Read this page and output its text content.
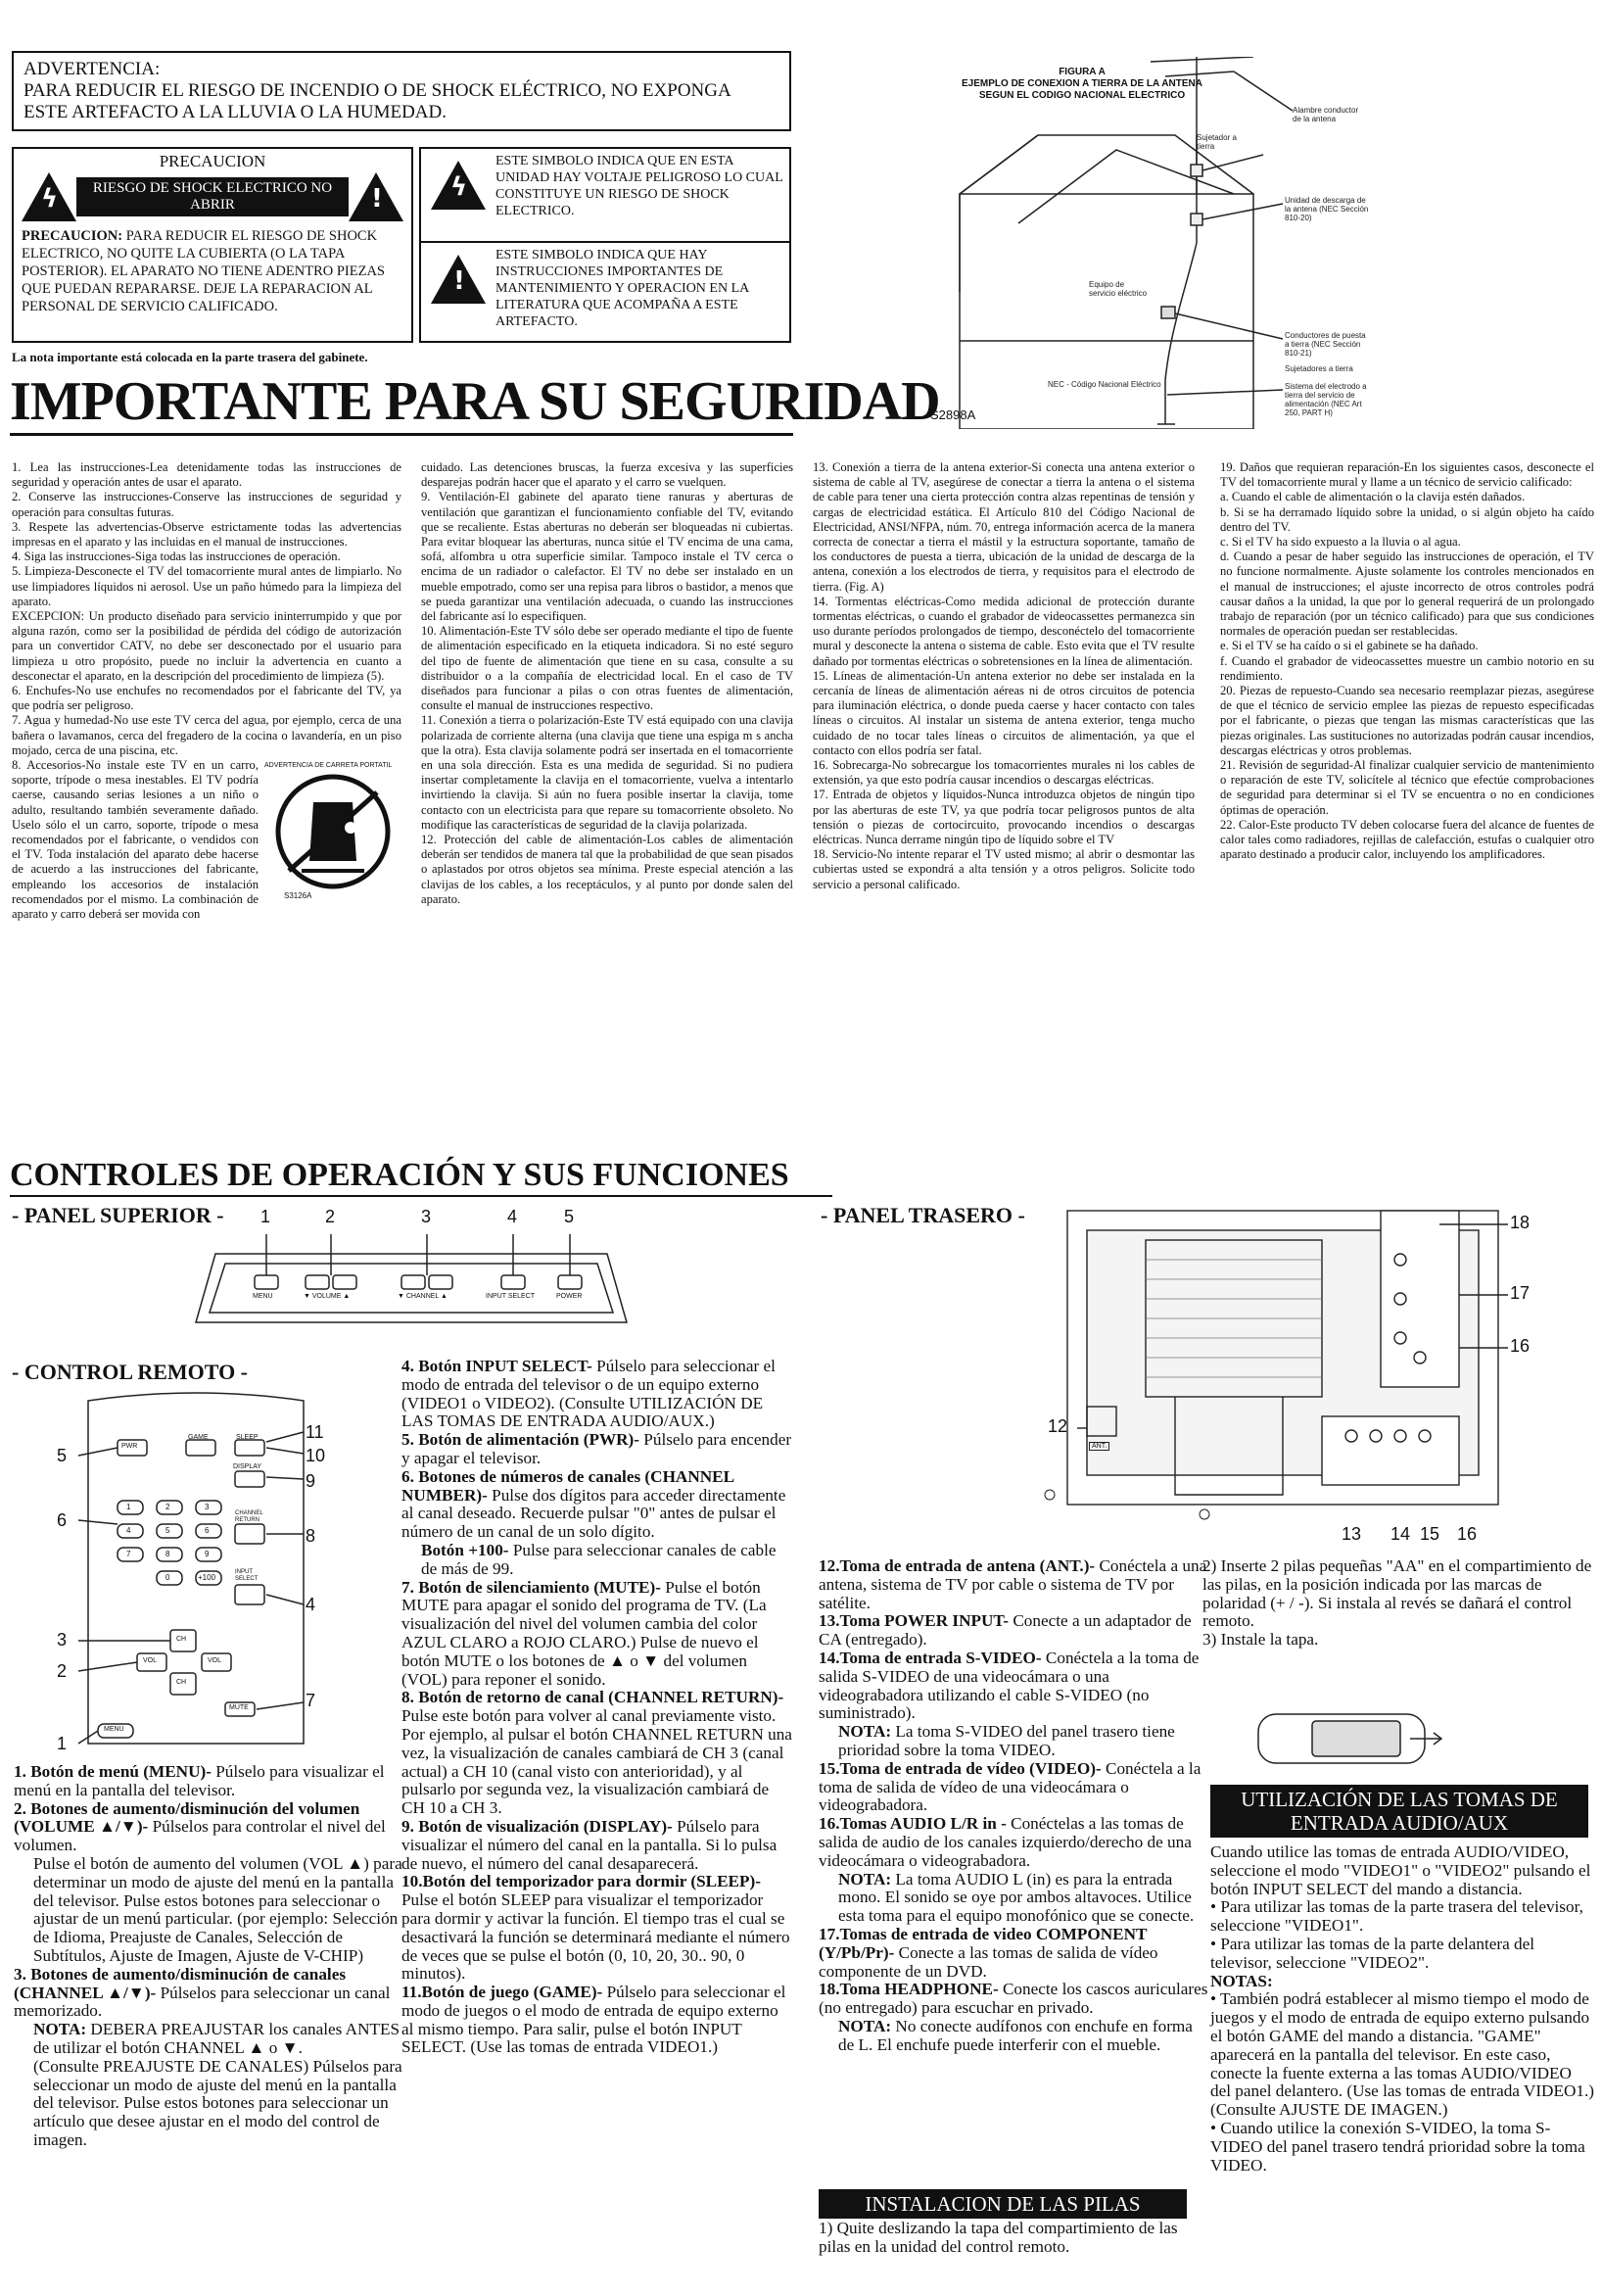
ADVERTENCIA:
PARA REDUCIR EL RIESGO DE INCENDIO O DE SHOCK ELÉCTRICO, NO EXPONGA
ESTE ARTEFACTO A LA LLUVIA O LA HUMEDAD.
PRECAUCION
ϟ	RIESGO DE SHOCK ELECTRICO NO ABRIR	!

PRECAUCION: PARA REDUCIR EL RIESGO DE SHOCK ELECTRICO, NO QUITE LA CUBIERTA (O LA TAPA POSTERIOR). EL APARATO NO TIENE ADENTRO PIEZAS QUE PUEDAN REPARARSE. DEJE LA REPARACION AL PERSONAL DE SERVICIO CALIFICADO.

ϟ

ESTE SIMBOLO INDICA QUE EN ESTA UNIDAD HAY VOLTAJE PELIGROSO LO CUAL CONSTITUYE UN RIESGO DE SHOCK ELECTRICO.

!

ESTE SIMBOLO INDICA QUE HAY INSTRUCCIONES IMPORTANTES DE MANTENIMIENTO Y OPERACION EN LA LITERATURA QUE ACOMPAÑA A ESTE ARTEFACTO.

La nota importante está colocada en la parte trasera del gabinete.
IMPORTANTE PARA SU SEGURIDAD
FIGURA A
EJEMPLO DE CONEXION A TIERRA DE LA ANTENA
SEGUN EL CODIGO NACIONAL ELECTRICO
Alambre conductor de la antena
Sujetador a tierra
Unidad de descarga de la antena (NEC Sección 810-20)
Equipo de servicio eléctrico
Conductores de puesta a tierra (NEC Sección 810-21)
Sujetadores a tierra
NEC - Código Nacional Eléctrico	Sistema del electrodo a tierra del servicio de alimentación (NEC Art 250, PART H)
S2898A

1. Lea las instrucciones-Lea detenidamente todas las instrucciones de seguridad y operación antes de usar el aparato.

2. Conserve las instrucciones-Conserve las instrucciones de seguridad y operación para consultas futuras.

3. Respete las advertencias-Observe estrictamente todas las advertencias impresas en el aparato y las incluidas en el manual de instrucciones.

4. Siga las instrucciones-Siga todas las instrucciones de operación.

5. Limpieza-Desconecte el TV del tomacorriente mural antes de limpiarlo. No use limpiadores líquidos ni aerosol. Use un paño húmedo para la limpieza del aparato.

EXCEPCION: Un producto diseñado para servicio ininterrumpido y que por alguna razón, como ser la posibilidad de pérdida del código de autorización para un convertidor CATV, no debe ser desconectado por el usuario para limpieza u otro propósito, puede no incluir la advertencia en cuanto a desconectar el aparato, en la descripción del procedimiento de limpieza (5).

6. Enchufes-No use enchufes no recomendados por el fabricante del TV, ya que podría ser peligroso.

7. Agua y humedad-No use este TV cerca del agua, por ejemplo, cerca de una bañera o lavamanos, cerca del fregadero de la cocina o lavandería, en un piso mojado, cerca de una piscina, etc.

ADVERTENCIA DE CARRETA PORTATIL
S3126A

8. Accesorios-No instale este TV en un carro, soporte, trípode o mesa inestables. El TV podría caerse, causando serias lesiones a un niño o adulto, resultando también severamente dañado. Uselo sólo el un carro, soporte, trípode o mesa recomendados por el fabricante, o vendidos con el TV. Toda instalación del aparato debe hacerse de acuerdo a las instrucciones del fabricante, empleando los accesorios de instalación recomendados por el mismo. La combinación de aparato y carro deberá ser movida con

cuidado. Las detenciones bruscas, la fuerza excesiva y las superficies desparejas podrán hacer que el aparato y el carro se vuelquen.

9. Ventilación-El gabinete del aparato tiene ranuras y aberturas de ventilación que garantizan el funcionamiento confiable del TV, evitando que se recaliente. Estas aberturas no deberán ser bloqueadas ni cubiertas. Para evitar bloquear las aberturas, nunca sitúe el TV encima de una cama, sofá, alfombra u otra superficie similar. Tampoco instale el TV cerca o encima de un radiador o calefactor. El TV no debe ser instalado en un mueble empotrado, como ser una repisa para libros o bastidor, a menos que se pueda garantizar una ventilación adecuada, o cuando las instrucciones del fabricante así lo especifiquen.

10. Alimentación-Este TV sólo debe ser operado mediante el tipo de fuente de alimentación especificado en la etiqueta indicadora. Si no esté seguro del tipo de fuente de alimentación que tiene en su casa, consulte a su distribuidor o a la compañía de electricidad local. En el caso de TV diseñados para funcionar a pilas o con otras fuentes de alimentación, consulte el manual de instrucciones respectivo.

11. Conexión a tierra o polarización-Este TV está equipado con una clavija polarizada de corriente alterna (una clavija que tiene una espiga m s ancha que la otra). Esta clavija solamente podrá ser insertada en el tomacorriente en una sola dirección. Esta es una medida de seguridad. Si no pudiera insertar completamente la clavija en el tomacorriente, vuelva a intentarlo invirtiendo la clavija. Si aún no fuera posible insertar la clavija, tome contacto con un electricista para que repare su tomacorriente obsoleto. No modifique las características de seguridad de la clavija polarizada.

12. Protección del cable de alimentación-Los cables de alimentación deberán ser tendidos de manera tal que la probabilidad de que sean pisados o aplastados por otros objetos sea mínima. Preste especial atención a las clavijas de los cables, a los receptáculos, y al punto por donde salen del aparato.

13. Conexión a tierra de la antena exterior-Si conecta una antena exterior o sistema de cable al TV, asegúrese de conectar a tierra la antena o el sistema de cable para tener una cierta protección contra alzas repentinas de tensión y cargas de electricidad estática. El Artículo 810 del Código Nacional de Electricidad, ANSI/NFPA, núm. 70, entrega información acerca de la manera correcta de conectar a tierra el mástil y la estructura soportante, tamaño de los conductores de puesta a tierra, ubicación de la unidad de descarga de la antena, conexión a los electrodos de tierra, y requisitos para el electrodo de tierra. (Fig. A)

14. Tormentas eléctricas-Como medida adicional de protección durante tormentas eléctricas, o cuando el grabador de videocassettes permanezca sin uso durante períodos prolongados de tiempo, desconéctelo del tomacorriente mural y desconecte la antena o sistema de cable. Esto evita que el TV resulte dañado por tormentas eléctricas o sobretensiones en la línea de alimentación.

15. Líneas de alimentación-Un antena exterior no debe ser instalada en la cercanía de líneas de alimentación aéreas ni de otros circuitos de potencia para iluminación eléctrica, o donde pueda caerse y hacer contacto con tales líneas o circuitos. Al instalar un sistema de antena exterior, tenga mucho cuidado de no tocar tales líneas o circuitos de alimentación, ya que el contacto con ellos podría ser fatal.

16. Sobrecarga-No sobrecargue los tomacorrientes murales ni los cables de extensión, ya que esto podría causar incendios o descargas eléctricas.

17. Entrada de objetos y líquidos-Nunca introduzca objetos de ningún tipo por las aberturas de este TV, ya que podría tocar peligrosos puntos de alta tensión o piezas de cortocircuito, provocando incendios o descargas eléctricas. Nunca derrame ningún tipo de líquido sobre el TV

18. Servicio-No intente reparar el TV usted mismo; al abrir o desmontar las cubiertas usted se expondrá a alta tensión y a otros peligros. Solicite todo servicio a personal calificado.

19. Daños que requieran reparación-En los siguientes casos, desconecte el TV del tomacorriente mural y llame a un técnico de servicio calificado:

a. Cuando el cable de alimentación o la clavija estén dañados.

b. Si se ha derramado líquido sobre la unidad, o si algún objeto ha caído dentro del TV.

c. Si el TV ha sido expuesto a la lluvia o al agua.

d. Cuando a pesar de haber seguido las instrucciones de operación, el TV no funcione normalmente. Ajuste solamente los controles mencionados en el manual de instrucciones; el ajuste incorrecto de otros controles podrá causar daños a la unidad, la que por lo general requerirá de un prolongado trabajo de reparación (por un técnico calificado) para que sus condiciones normales de operación puedan ser restablecidas.

e. Si el TV se ha caído o si el gabinete se ha dañado.

f. Cuando el grabador de videocassettes muestre un cambio notorio en su rendimiento.

20. Piezas de repuesto-Cuando sea necesario reemplazar piezas, asegúrese de que el técnico de servicio emplee las piezas de repuesto especificadas por el fabricante, o piezas que tengan las mismas características que las piezas originales. Las sustituciones no autorizadas podrán causar incendios, descargas eléctricas y otros problemas.

21. Revisión de seguridad-Al finalizar cualquier servicio de mantenimiento o reparación de este TV, solicítele al técnico que efectúe comprobaciones de seguridad para determinar si el TV se encuentra o no en condiciones óptimas de operación.

22. Calor-Este producto TV deben colocarse fuera del alcance de fuentes de calor tales como radiadores, rejillas de calefacción, estufas o cualquier otro aparato destinado a producir calor, incluyendo los amplificadores.

CONTROLES DE OPERACIÓN Y SUS FUNCIONES
- PANEL SUPERIOR -	- PANEL TRASERO -
- CONTROL REMOTO -
1	2	3	4	5
MENU	▼ VOLUME ▲	▼ CHANNEL ▲	INPUT SELECT	POWER
18
17
16
12
13 14 15 16
ANT.
11
10
9
8
7
6
5
4
3
2
1
PWR
GAME	SLEEP
DISPLAY
1	2	3
4	5	6
7	8	9
0	+100
CHANNEL RETURN
INPUT SELECT
CH
VOL	VOL
CH
MUTE
MENU

1. Botón de menú (MENU)- Púlselo para visualizar el menú en la pantalla del televisor.

2. Botones de aumento/disminución del volumen (VOLUME ▲/▼)- Púlselos para controlar el nivel del volumen.

Pulse el botón de aumento del volumen (VOL ▲) para determinar un modo de ajuste del menú en la pantalla del televisor. Pulse estos botones para seleccionar o ajustar de un menú particular. (por ejemplo: Selección de Idioma, Preajuste de Canales, Selección de Subtítulos, Ajuste de Imagen, Ajuste de V-CHIP)

3. Botones de aumento/disminución de canales (CHANNEL ▲/▼)- Púlselos para seleccionar un canal memorizado.

NOTA: DEBERA PREAJUSTAR los canales ANTES de utilizar el botón CHANNEL ▲ o ▼.

(Consulte PREAJUSTE DE CANALES) Púlselos para seleccionar un modo de ajuste del menú en la pantalla del televisor. Pulse estos botones para seleccionar un artículo que desee ajustar en el modo del control de imagen.

4. Botón INPUT SELECT- Púlselo para seleccionar el modo de entrada del televisor o de un equipo externo (VIDEO1 o VIDEO2). (Consulte UTILIZACIÓN DE LAS TOMAS DE ENTRADA AUDIO/AUX.)

5. Botón de alimentación (PWR)- Púlselo para encender y apagar el televisor.

6. Botones de números de canales (CHANNEL NUMBER)- Pulse dos dígitos para acceder directamente al canal deseado. Recuerde pulsar "0" antes de pulsar el número de un canal de un solo dígito.

Botón +100- Pulse para seleccionar canales de cable de más de 99.

7. Botón de silenciamiento (MUTE)- Pulse el botón MUTE para apagar el sonido del programa de TV. (La visualización del nivel del volumen cambia del color AZUL CLARO a ROJO CLARO.) Pulse de nuevo el botón MUTE o los botones de ▲ o ▼ del volumen (VOL) para reponer el sonido.

8. Botón de retorno de canal (CHANNEL RETURN)- Pulse este botón para volver al canal previamente visto. Por ejemplo, al pulsar el botón CHANNEL RETURN una vez, la visualización de canales cambiará de CH 3 (canal actual) a CH 10 (canal visto con anterioridad), y al pulsarlo por segunda vez, la visualización cambiará de CH 10 a CH 3.

9. Botón de visualización (DISPLAY)- Púlselo para visualizar el número del canal en la pantalla. Si lo pulsa de nuevo, el número del canal desaparecerá.

10.Botón del temporizador para dormir (SLEEP)- Pulse el botón SLEEP para visualizar el temporizador para dormir y activar la función. El tiempo tras el cual se desactivará la función se determinará mediante el número de veces que se pulse el botón (0, 10, 20, 30.. 90, 0 minutos).

11.Botón de juego (GAME)- Púlselo para seleccionar el modo de juegos o el modo de entrada de equipo externo al mismo tiempo. Para salir, pulse el botón INPUT SELECT. (Use las tomas de entrada VIDEO1.)

12.Toma de entrada de antena (ANT.)- Conéctela a una antena, sistema de TV por cable o sistema de TV por satélite.

13.Toma POWER INPUT- Conecte a un adaptador de CA (entregado).

14.Toma de entrada S-VIDEO- Conéctela a la toma de salida S-VIDEO de una videocámara o una videograbadora utilizando el cable S-VIDEO (no suministrado).

NOTA: La toma S-VIDEO del panel trasero tiene prioridad sobre la toma VIDEO.

15.Toma de entrada de vídeo (VIDEO)- Conéctela a la toma de salida de vídeo de una videocámara o videograbadora.

16.Tomas AUDIO L/R in - Conéctelas a las tomas de salida de audio de los canales izquierdo/derecho de una videocámara o videograbadora.

NOTA: La toma AUDIO L (in) es para la entrada mono. El sonido se oye por ambos altavoces. Utilice esta toma para el equipo monofónico que se conecte.

17.Tomas de entrada de video COMPONENT (Y/Pb/Pr)- Conecte a las tomas de salida de vídeo componente de un DVD.

18.Toma HEADPHONE- Conecte los cascos auriculares (no entregado) para escuchar en privado.

NOTA: No conecte audífonos con enchufe en forma de L. El enchufe puede interferir con el mueble.

2) Inserte 2 pilas pequeñas "AA" en el compartimiento de las pilas, en la posición indicada por las marcas de polaridad (+ / -). Si instala al revés se dañará el control remoto.

3) Instale la tapa.

INSTALACION DE LAS PILAS
1) Quite deslizando la tapa del compartimiento de las pilas en la unidad del control remoto.
UTILIZACIÓN DE LAS TOMAS DE ENTRADA AUDIO/AUX

Cuando utilice las tomas de entrada AUDIO/VIDEO, seleccione el modo "VIDEO1" o "VIDEO2" pulsando el botón INPUT SELECT del mando a distancia.

• Para utilizar las tomas de la parte trasera del televisor, seleccione "VIDEO1".

• Para utilizar las tomas de la parte delantera del televisor, seleccione "VIDEO2".

NOTAS:

• También podrá establecer al mismo tiempo el modo de juegos y el modo de entrada de equipo externo pulsando el botón GAME del mando a distancia. "GAME" aparecerá en la pantalla del televisor. En este caso, conecte la fuente externa a las tomas AUDIO/VIDEO del panel delantero. (Use las tomas de entrada VIDEO1.) (Consulte AJUSTE DE IMAGEN.)

• Cuando utilice la conexión S-VIDEO, la toma S-VIDEO del panel trasero tendrá prioridad sobre la toma VIDEO.
